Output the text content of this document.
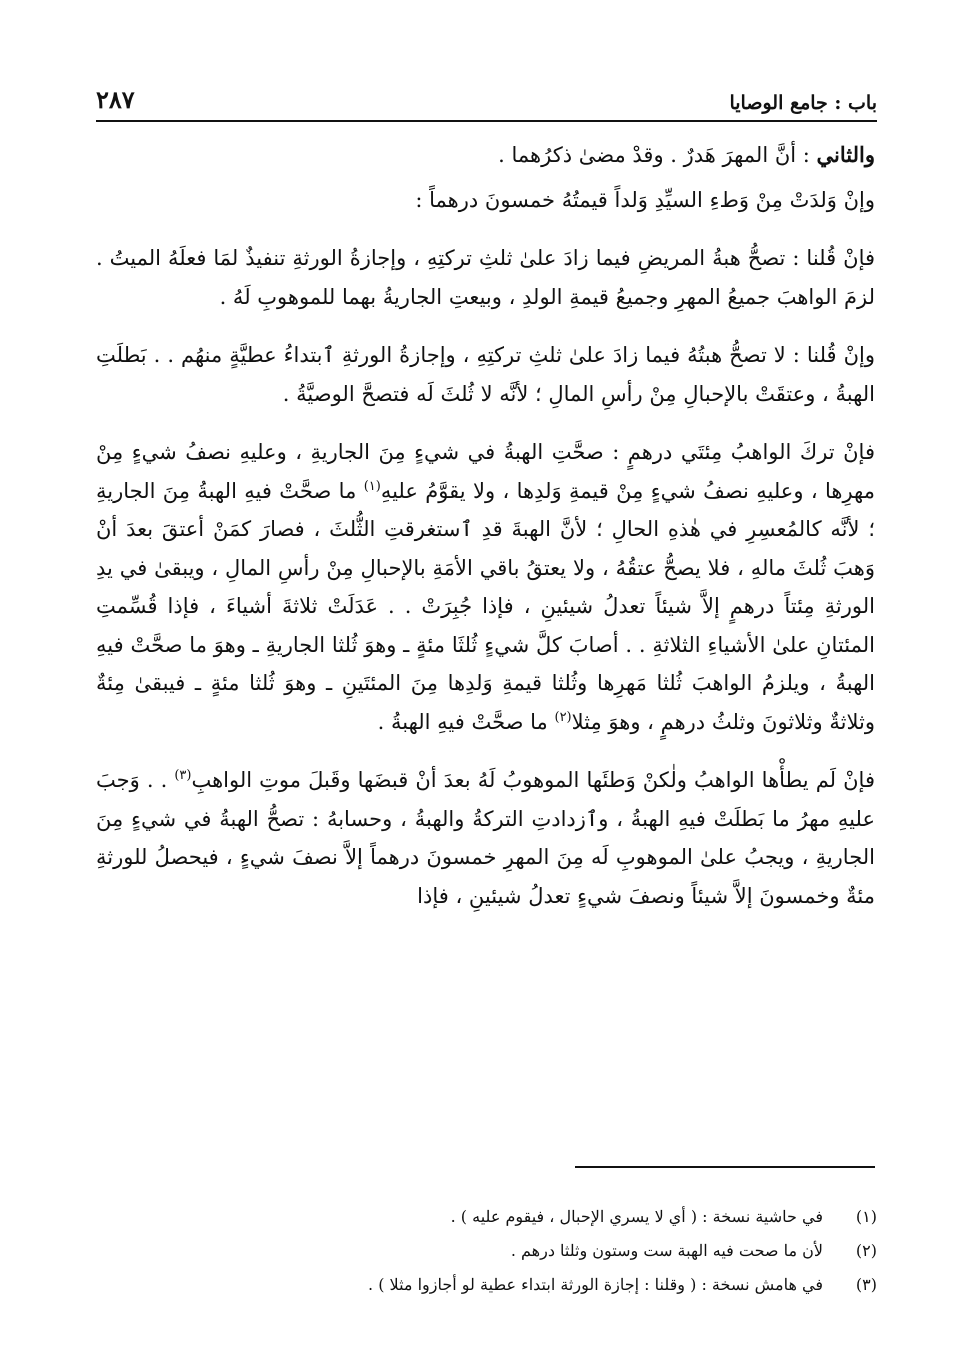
باب : جامع الوصايا
٢٨٧

والثاني : أنَّ المهرَ هَدرٌ . وقدْ مضىٰ ذكرُهما .

وإنْ وَلدَتْ مِنْ وَطءِ السيِّدِ وَلداً قيمتُهُ خمسونَ درهماً :

فإنْ قُلنا : تصحُّ هبةُ المريضِ فيما زادَ علىٰ ثلثِ تركتِهِ ، وإجازةُ الورثةِ تنفيذٌ لمَا فعلَهُ الميتُ . لزمَ الواهبَ جميعُ المهرِ وجميعُ قيمةِ الولدِ ، وبيعتِ الجاريةُ بهما للموهوبِ لَهُ .

وإنْ قُلنا : لا تصحُّ هبتُهُ فيما زادَ علىٰ ثلثِ تركتِهِ ، وإجازةُ الورثةِ ٱبتداءُ عطيَّةٍ منهُم . . بَطلَتِ الهبةُ ، وعتقَتْ بالإحبالِ مِنْ رأسِ المالِ ؛ لأنَّه لا ثُلثَ لَه فتصحَّ الوصيَّةُ .

فإنْ تركَ الواهبُ مِئتَي درهمٍ : صحَّتِ الهبةُ في شيءٍ مِنَ الجاريةِ ، وعليهِ نصفُ شيءٍ مِنْ مهرِها ، وعليهِ نصفُ شيءٍ مِنْ قيمةِ وَلدِها ، ولا يقوَّمُ عليهِ$^{(١)}$ ما صحَّتْ فيهِ الهبةُ مِنَ الجاريةِ ؛ لأنَّه كالمُعسِرِ في هٰذهِ الحالِ ؛ لأنَّ الهبةَ قدِ ٱستغرقتِ الثُّلثَ ، فصارَ كمَنْ أعتقَ بعدَ أنْ وَهبَ ثُلثَ مالهِ ، فلا يصحُّ عتقُهُ ، ولا يعتقُ باقي الأمَةِ بالإحبالِ مِنْ رأسِ المالِ ، ويبقىٰ في يدِ الورثةِ مِئتاً درهمٍ إلاَّ شيئاً تعدلُ شيئينِ ، فإذا جُبِرَتْ . . عَدَلَتْ ثلاثةَ أشياءَ ، فإذا قُسِّمتِ المئتانِ علىٰ الأشياءِ الثلاثةِ . . أصابَ كلَّ شيءٍ ثُلثَا مئةٍ ـ وهوَ ثُلثا الجاريةِ ـ وهوَ ما صحَّتْ فيهِ الهبةُ ، ويلزمُ الواهبَ ثُلثا مَهرِها وثُلثا قيمةِ وَلدِها مِنَ المئتَينِ ـ وهوَ ثُلثا مئةٍ ـ فيبقىٰ مِئةٌ وثلاثةٌ وثلاثونَ وثلثُ درهمٍ ، وهوَ مِثلا$^{(٢)}$ ما صحَّتْ فيهِ الهبةُ .

فإنْ لَم يطأْها الواهبُ ولٰكنْ وَطئَها الموهوبُ لَهُ بعدَ أنْ قبضَها وقَبلَ موتِ الواهبِ$^{(٣)}$ . . وَجبَ عليهِ مهرُ ما بَطلَتْ فيهِ الهبةُ ، وٱزدادتِ التركةُ والهبةُ ، وحسابهُ : تصحُّ الهبةُ في شيءٍ مِنَ الجاريةِ ، ويجبُ علىٰ الموهوبِ لَه مِنَ المهرِ خمسونَ درهماً إلاَّ نصفَ شيءٍ ، فيحصلُ للورثةِ مئةٌ وخمسونَ إلاَّ شيئاً ونصفَ شيءٍ تعدلُ شيئينِ ، فإذا

(١)
في حاشية نسخة : ( أي لا يسري الإحبال ، فيقوم عليه ) .
(٢)
لأن ما صحت فيه الهبة ست وستون وثلثا درهم .
(٣)
في هامش نسخة : ( وقلنا : إجازة الورثة ابتداء عطية لو أجازوا مثلا ) .
